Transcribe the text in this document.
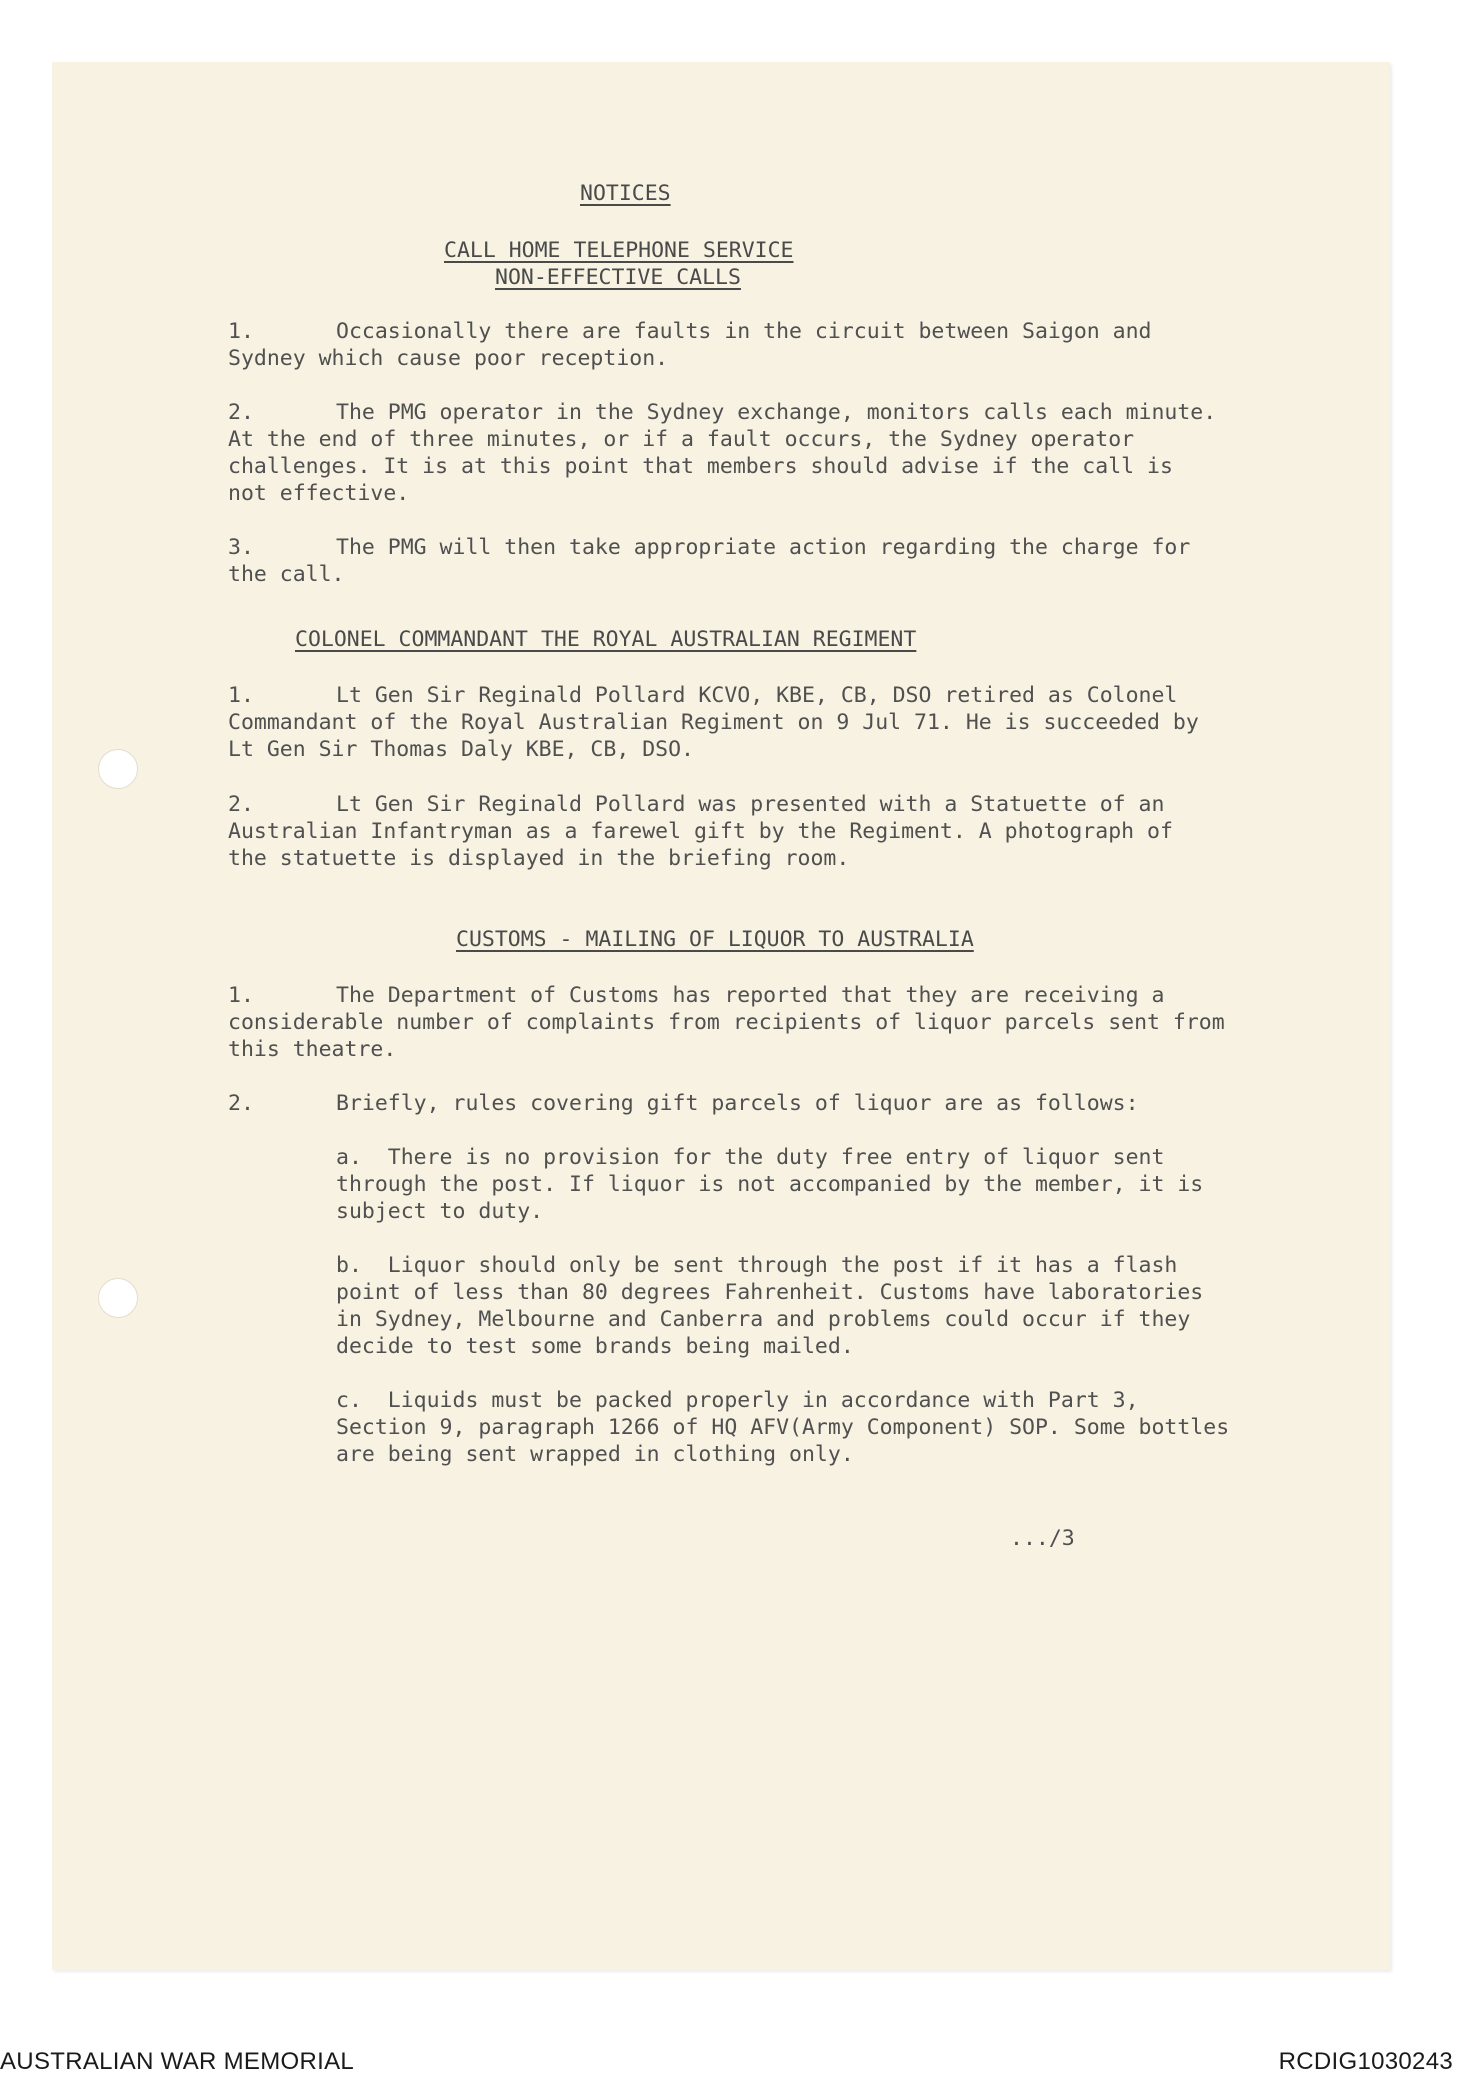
NOTICES
CALL HOME TELEPHONE SERVICE
NON-EFFECTIVE CALLS
1.	Occasionally there are faults in the circuit between Saigon and
Sydney which cause poor reception.
2.	The PMG operator in the Sydney exchange, monitors calls each minute.
At the end of three minutes, or if a fault occurs, the Sydney operator
challenges. It is at this point that members should advise if the call is
not effective.
3.	The PMG will then take appropriate action regarding the charge for
the call.
COLONEL COMMANDANT THE ROYAL AUSTRALIAN REGIMENT
1.	Lt Gen Sir Reginald Pollard KCVO, KBE, CB, DSO retired as Colonel
Commandant of the Royal Australian Regiment on 9 Jul 71. He is succeeded by
Lt Gen Sir Thomas Daly KBE, CB, DSO.
2.	Lt Gen Sir Reginald Pollard was presented with a Statuette of an
Australian Infantryman as a farewel gift by the Regiment. A photograph of
the statuette is displayed in the briefing room.
CUSTOMS - MAILING OF LIQUOR TO AUSTRALIA
1.	The Department of Customs has reported that they are receiving a
considerable number of complaints from recipients of liquor parcels sent from
this theatre.
2.	Briefly, rules covering gift parcels of liquor are as follows:
a.  There is no provision for the duty free entry of liquor sent
through the post. If liquor is not accompanied by the member, it is
subject to duty.
b.  Liquor should only be sent through the post if it has a flash
point of less than 80 degrees Fahrenheit. Customs have laboratories
in Sydney, Melbourne and Canberra and problems could occur if they
decide to test some brands being mailed.
c.  Liquids must be packed properly in accordance with Part 3,
Section 9, paragraph 1266 of HQ AFV(Army Component) SOP. Some bottles
are being sent wrapped in clothing only.
.../3
AUSTRALIAN WAR MEMORIAL	RCDIG1030243
